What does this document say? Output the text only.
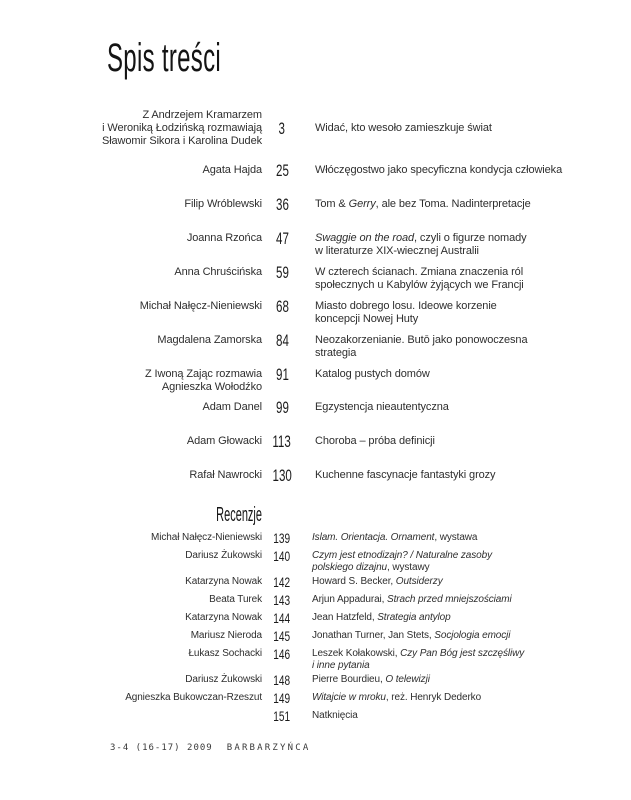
Spis treści
Z Andrzejem Kramarzem
i Weroniką Łodzińską rozmawiają
Sławomir Sikora i Karolina Dudek
3	Widać, kto wesoło zamieszkuje świat
Agata Hajda 25	Włóczęgostwo jako specyficzna kondycja człowieka
Filip Wróblewski 36	Tom & Gerry, ale bez Toma. Nadinterpretacje
Joanna Rzońca 47	Swaggie on the road, czyli o figurze nomady
w literaturze XIX-wiecznej Australii
Anna Chruścińska 59	W czterech ścianach. Zmiana znaczenia ról
społecznych u Kabylów żyjących we Francji
Michał Nałęcz-Nieniewski 68	Miasto dobrego losu. Ideowe korzenie
koncepcji Nowej Huty
Magdalena Zamorska 84	Neozakorzenianie. Butō jako ponowoczesna
strategia
Z Iwoną Zając rozmawia
Agnieszka Wołodźko
91	Katalog pustych domów
Adam Danel 99	Egzystencja nieautentyczna
Adam Głowacki 113	Choroba – próba definicji
Rafał Nawrocki 130	Kuchenne fascynacje fantastyki grozy
Recenzje
Michał Nałęcz-Nieniewski 139	Islam. Orientacja. Ornament, wystawa
Dariusz Żukowski 140	Czym jest etnodizajn? / Naturalne zasoby
polskiego dizajnu, wystawy
Katarzyna Nowak 142	Howard S. Becker, Outsiderzy
Beata Turek 143	Arjun Appadurai, Strach przed mniejszościami
Katarzyna Nowak 144	Jean Hatzfeld, Strategia antylop
Mariusz Nieroda 145	Jonathan Turner, Jan Stets, Socjologia emocji
Łukasz Sochacki 146	Leszek Kołakowski, Czy Pan Bóg jest szczęśliwy
i inne pytania
Dariusz Żukowski 148	Pierre Bourdieu, O telewizji
Agnieszka Bukowczan-Rzeszut 149	Witajcie w mroku, reż. Henryk Dederko
151	Natknięcia
3-4 (16-17) 2009 BARBARZYŃCA
